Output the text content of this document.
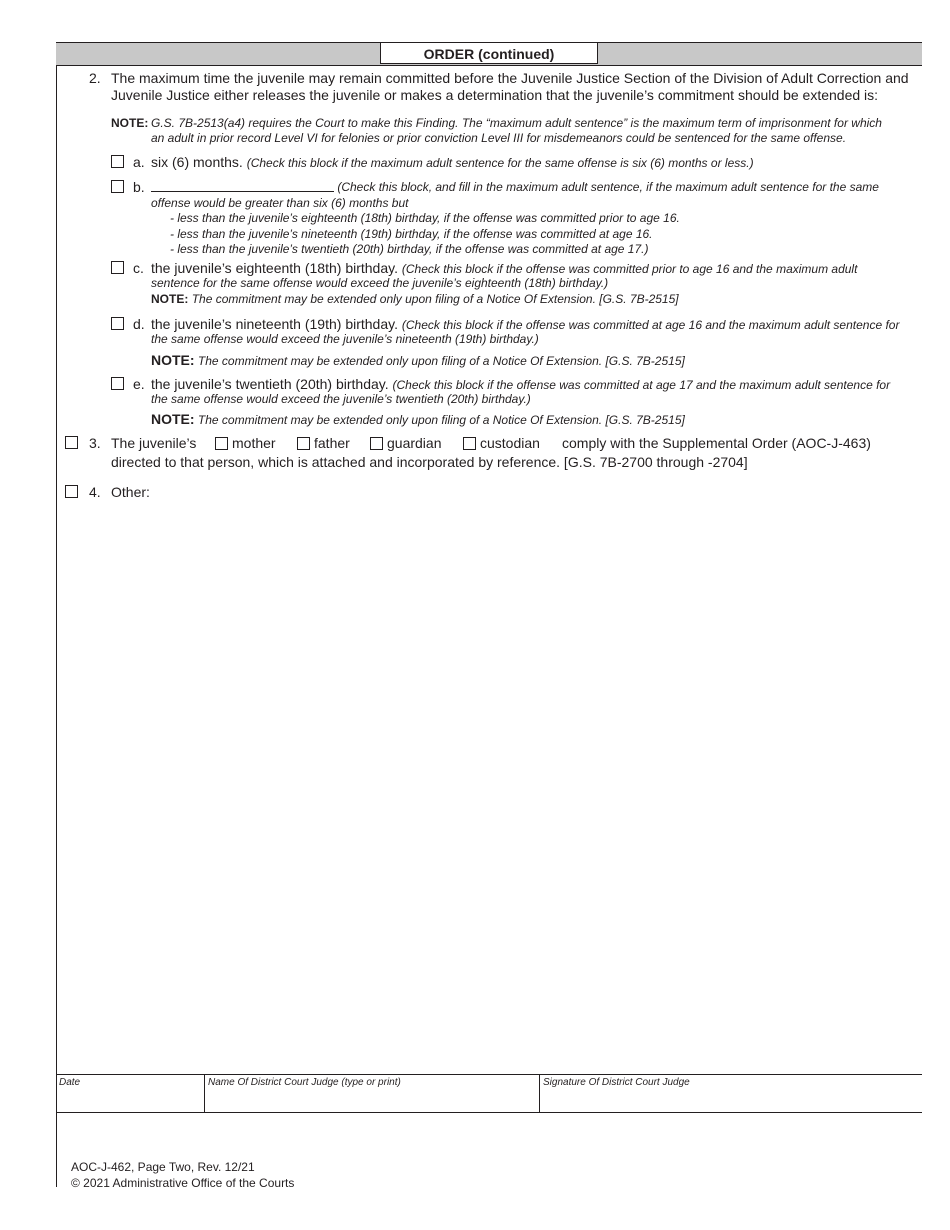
ORDER (continued)
2. The maximum time the juvenile may remain committed before the Juvenile Justice Section of the Division of Adult Correction and
Juvenile Justice either releases the juvenile or makes a determination that the juvenile’s commitment should be extended is:
NOTE: G.S. 7B-2513(a4) requires the Court to make this Finding. The “maximum adult sentence” is the maximum term of imprisonment for which
an adult in prior record Level VI for felonies or prior conviction Level III for misdemeanors could be sentenced for the same offense.
a. six (6) months. (Check this block if the maximum adult sentence for the same offense is six (6) months or less.)
b.	(Check this block, and fill in the maximum adult sentence, if the maximum adult sentence for the same
offense would be greater than six (6) months but
- less than the juvenile’s eighteenth (18th) birthday, if the offense was committed prior to age 16.
- less than the juvenile’s nineteenth (19th) birthday, if the offense was committed at age 16.
- less than the juvenile’s twentieth (20th) birthday, if the offense was committed at age 17.)
c. the juvenile’s eighteenth (18th) birthday. (Check this block if the offense was committed prior to age 16 and the maximum adult
sentence for the same offense would exceed the juvenile’s eighteenth (18th) birthday.)
NOTE: The commitment may be extended only upon filing of a Notice Of Extension. [G.S. 7B-2515]
d. the juvenile’s nineteenth (19th) birthday. (Check this block if the offense was committed at age 16 and the maximum adult sentence for
the same offense would exceed the juvenile’s nineteenth (19th) birthday.)
NOTE: The commitment may be extended only upon filing of a Notice Of Extension. [G.S. 7B-2515]
e. the juvenile’s twentieth (20th) birthday. (Check this block if the offense was committed at age 17 and the maximum adult sentence for
the same offense would exceed the juvenile’s twentieth (20th) birthday.)
NOTE: The commitment may be extended only upon filing of a Notice Of Extension. [G.S. 7B-2515]
3. The juvenile’s	mother	father	guardian	custodian comply with the Supplemental Order (AOC-J-463)
directed to that person, which is attached and incorporated by reference. [G.S. 7B-2700 through -2704]
4. Other:
Date	Name Of District Court Judge (type or print)	Signature Of District Court Judge
AOC-J-462, Page Two, Rev. 12/21
© 2021 Administrative Office of the Courts
